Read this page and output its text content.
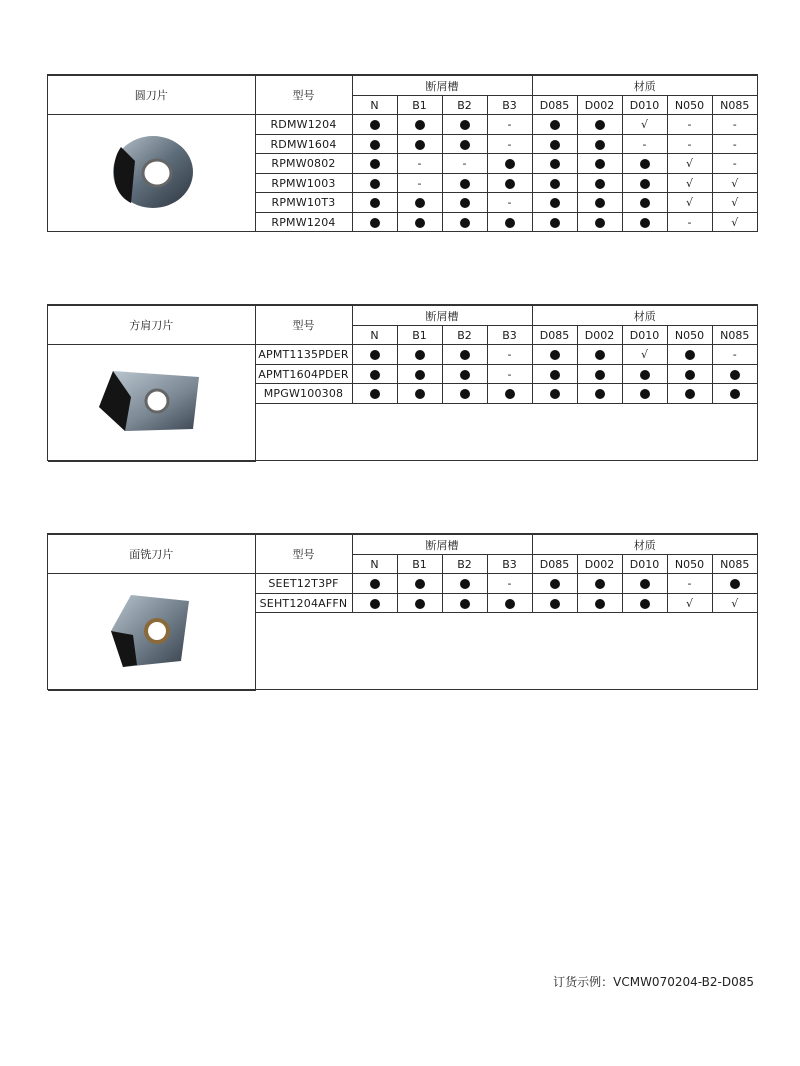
圆刀片	型号	断屑槽				材质				
		N	B1	B2	B3	D085	D002	D010	N050	N085
	RDMW1204				-			√	-	-
	RDMW1604				-			-	-	-
	RPMW0802		-	-					√	-
	RPMW1003		-						√	√
	RPMW10T3				-				√	√
	RPMW1204								-	√
方肩刀片	型号	断屑槽				材质				
		N	B1	B2	B3	D085	D002	D010	N050	N085
	APMT1135PDER				-			√		-
	APMT1604PDER				-					
	MPGW100308									

面铣刀片	型号	断屑槽				材质				
		N	B1	B2	B3	D085	D002	D010	N050	N085
	SEET12T3PF				-				-	
	SEHT1204AFFN								√	√

订货示例：VCMW070204-B2-D085
